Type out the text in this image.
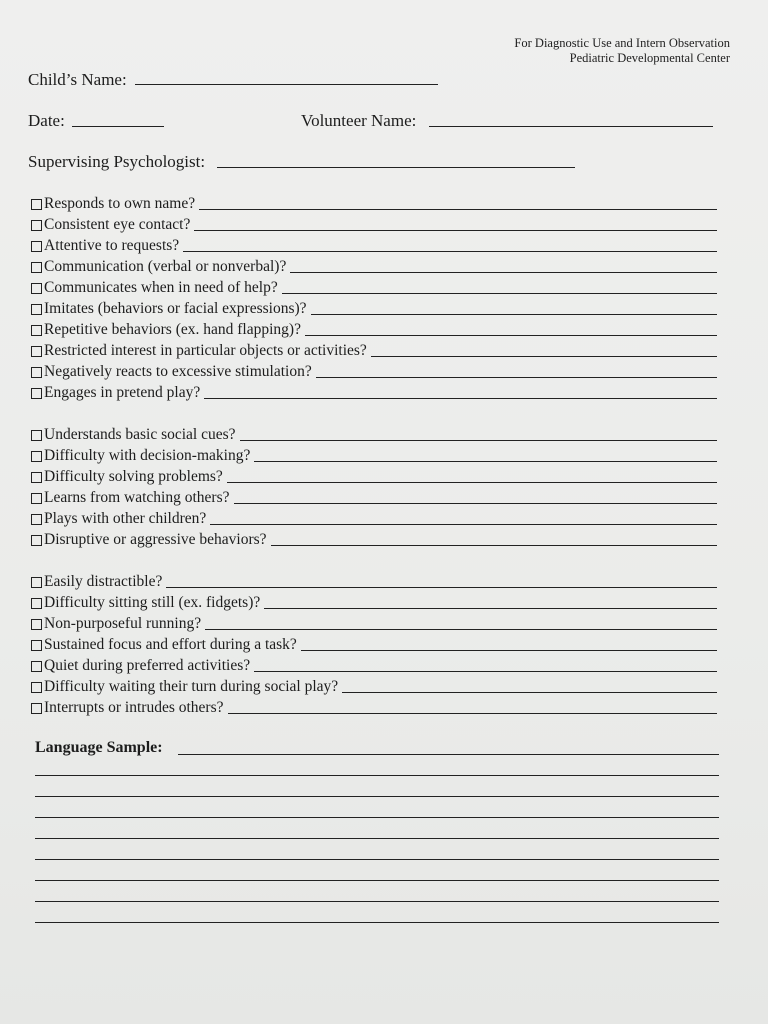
For Diagnostic Use and Intern Observation
Pediatric Developmental Center
Child’s Name:
Date:	Volunteer Name:
Supervising Psychologist:
Responds to own name?
Consistent eye contact?
Attentive to requests?
Communication (verbal or nonverbal)?
Communicates when in need of help?
Imitates (behaviors or facial expressions)?
Repetitive behaviors (ex. hand flapping)?
Restricted interest in particular objects or activities?
Negatively reacts to excessive stimulation?
Engages in pretend play?
Understands basic social cues?
Difficulty with decision-making?
Difficulty solving problems?
Learns from watching others?
Plays with other children?
Disruptive or aggressive behaviors?
Easily distractible?
Difficulty sitting still (ex. fidgets)?
Non-purposeful running?
Sustained focus and effort during a task?
Quiet during preferred activities?
Difficulty waiting their turn during social play?
Interrupts or intrudes others?
Language Sample:
